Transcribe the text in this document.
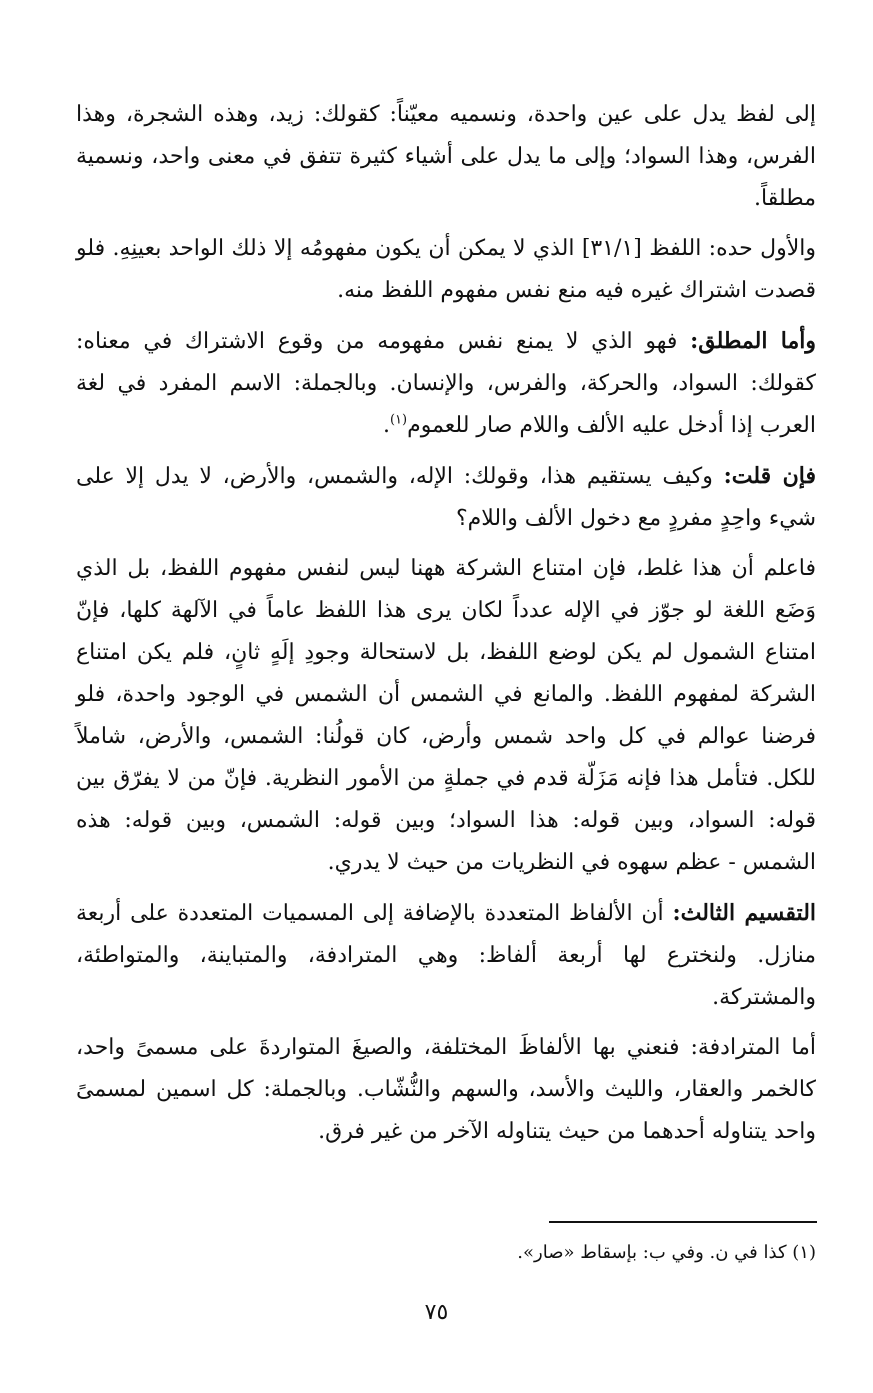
إلى لفظ يدل على عين واحدة، ونسميه معيّناً: كقولك: زيد، وهذه الشجرة، وهذا الفرس، وهذا السواد؛ وإلى ما يدل على أشياء كثيرة تتفق في معنى واحد، ونسمية مطلقاً.

والأول حده: اللفظ [٣١/١] الذي لا يمكن أن يكون مفهومُه إلا ذلك الواحد بعينِهِ. فلو قصدت اشتراك غيره فيه منع نفس مفهوم اللفظ منه.

وأما المطلق: فهو الذي لا يمنع نفس مفهومه من وقوع الاشتراك في معناه: كقولك: السواد، والحركة، والفرس، والإنسان. وبالجملة: الاسم المفرد في لغة العرب إذا أدخل عليه الألف واللام صار للعموم$^{(١)}$.

فإن قلت: وكيف يستقيم هذا، وقولك: الإله، والشمس، والأرض، لا يدل إلا على شيء واحِدٍ مفردٍ مع دخول الألف واللام؟

فاعلم أن هذا غلط، فإن امتناع الشركة ههنا ليس لنفس مفهوم اللفظ، بل الذي وَضَع اللغة لو جوّز في الإله عدداً لكان يرى هذا اللفظ عاماً في الآلهة كلها، فإنّ امتناع الشمول لم يكن لوضع اللفظ، بل لاستحالة وجودِ إلَهٍ ثانٍ، فلم يكن امتناع الشركة لمفهوم اللفظ. والمانع في الشمس أن الشمس في الوجود واحدة، فلو فرضنا عوالم في كل واحد شمس وأرض، كان قولُنا: الشمس، والأرض، شاملاً للكل. فتأمل هذا فإنه مَزَلّة قدم في جملةٍ من الأمور النظرية. فإنّ من لا يفرّق بين قوله: السواد، وبين قوله: هذا السواد؛ وبين قوله: الشمس، وبين قوله: هذه الشمس - عظم سهوه في النظريات من حيث لا يدري.

التقسيم الثالث: أن الألفاظ المتعددة بالإضافة إلى المسميات المتعددة على أربعة منازل. ولنخترع لها أربعة ألفاظ: وهي المترادفة، والمتباينة، والمتواطئة، والمشتركة.

أما المترادفة: فنعني بها الألفاظَ المختلفة، والصيغَ المتواردةَ على مسمىً واحد، كالخمر والعقار، والليث والأسد، والسهم والنُّشّاب. وبالجملة: كل اسمين لمسمىً واحد يتناوله أحدهما من حيث يتناوله الآخر من غير فرق.

(١) كذا في ن. وفي ب: بإسقاط «صار».
٧٥
